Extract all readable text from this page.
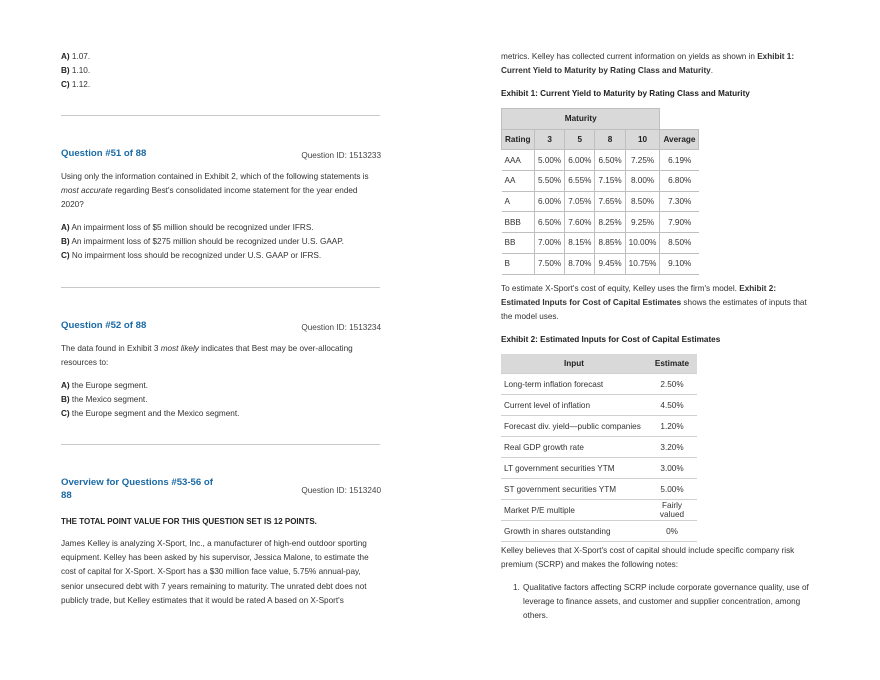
A) 1.07.
B) 1.10.
C) 1.12.
Question #51 of 88	Question ID: 1513233
Using only the information contained in Exhibit 2, which of the following statements is
most accurate regarding Best's consolidated income statement for the year ended
2020?
A) An impairment loss of $5 million should be recognized under IFRS.
B) An impairment loss of $275 million should be recognized under U.S. GAAP.
C) No impairment loss should be recognized under U.S. GAAP or IFRS.
Question #52 of 88	Question ID: 1513234
The data found in Exhibit 3 most likely indicates that Best may be over-allocating
resources to:
A) the Europe segment.
B) the Mexico segment.
C) the Europe segment and the Mexico segment.
Overview for Questions #53-56 of
88	Question ID: 1513240
THE TOTAL POINT VALUE FOR THIS QUESTION SET IS 12 POINTS.
James Kelley is analyzing X-Sport, Inc., a manufacturer of high-end outdoor sporting
equipment. Kelley has been asked by his supervisor, Jessica Malone, to estimate the
cost of capital for X-Sport. X-Sport has a $30 million face value, 5.75% annual-pay,
senior unsecured debt with 7 years remaining to maturity. The unrated debt does not
publicly trade, but Kelley estimates that it would be rated A based on X-Sport's
metrics. Kelley has collected current information on yields as shown in Exhibit 1:
Current Yield to Maturity by Rating Class and Maturity.
Exhibit 1: Current Yield to Maturity by Rating Class and Maturity
Maturity					
Rating	3	5	8	10	Average
AAA	5.00%	6.00%	6.50%	7.25%	6.19%
AA	5.50%	6.55%	7.15%	8.00%	6.80%
A	6.00%	7.05%	7.65%	8.50%	7.30%
BBB	6.50%	7.60%	8.25%	9.25%	7.90%
BB	7.00%	8.15%	8.85%	10.00%	8.50%
B	7.50%	8.70%	9.45%	10.75%	9.10%
To estimate X-Sport's cost of equity, Kelley uses the firm's model. Exhibit 2:
Estimated Inputs for Cost of Capital Estimates shows the estimates of inputs that
the model uses.
Exhibit 2: Estimated Inputs for Cost of Capital Estimates
Input	Estimate
Long-term inflation forecast	2.50%
Current level of inflation	4.50%
Forecast div. yield—public companies	1.20%
Real GDP growth rate	3.20%
LT government securities YTM	3.00%
ST government securities YTM	5.00%
Market P/E multiple	Fairly valued
Growth in shares outstanding	0%
Kelley believes that X-Sport's cost of capital should include specific company risk
premium (SCRP) and makes the following notes:
1. Qualitative factors affecting SCRP include corporate governance quality, use of
leverage to finance assets, and customer and supplier concentration, among
others.
